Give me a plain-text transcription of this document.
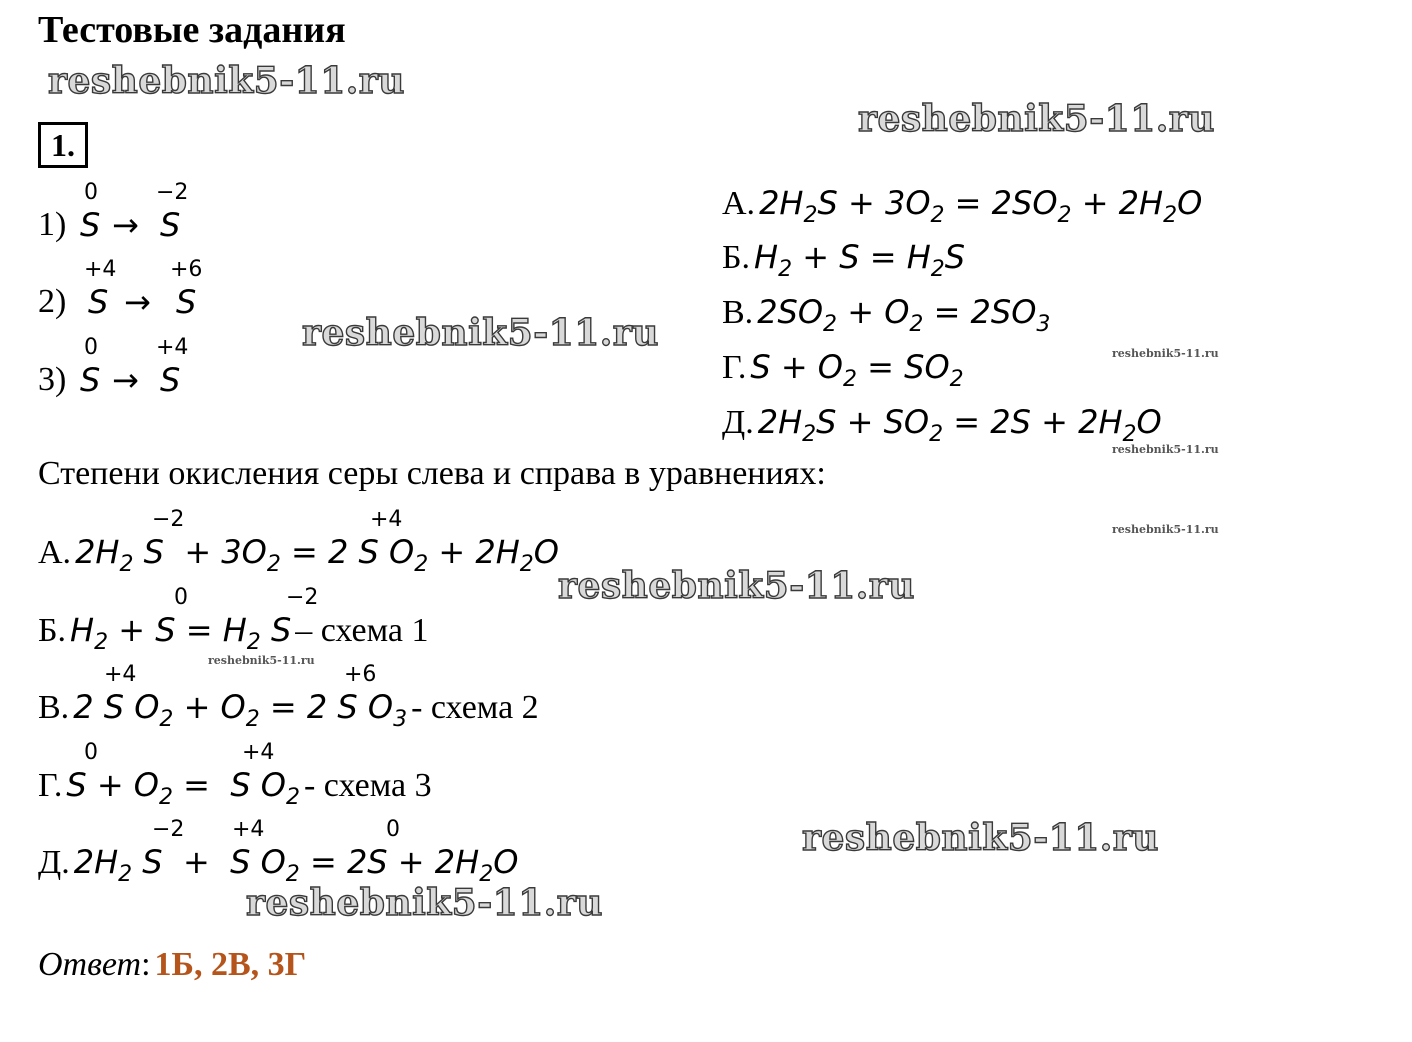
Тестовые задания
reshebnik5-11.ru
reshebnik5-11.ru
reshebnik5-11.ru
reshebnik5-11.ru
reshebnik5-11.ru
reshebnik5-11.ru
reshebnik5-11.ru
reshebnik5-11.ru
reshebnik5-11.ru
reshebnik5-11.ru
1.
0	−2
1) S → S
+4 +6
2) S → S
0	+4
3) S → S
А. $2H_2S + 3O_2 = 2SO_2 + 2H_2O$
Б. $H_2 + S = H_2S$
В. $2SO_2 + O_2 = 2SO_3$
Г. $S + O_2 = SO_2$
Д. $2H_2S + SO_2 = 2S + 2H_2O$
Степени окисления серы слева и справа в уравнениях:
−2	+4
А. $2H_2$ $S + 3O_2 = 2$ S $O_2 + 2H_2O$
0	−2
Б. $H_2 + S = H_2$ S – схема 1
+4	+6
В. 2 S $O_2 + O_2 = 2$ S $O_3$ - схема 2
0	+4
Г. $S + O_2 = S$ $O_2$ - схема 3
−2 +4	0
Д. $2H_2$ S  +  S $O_2 = 2S + 2H_2O$
Ответ: 1Б, 2В, 3Г
